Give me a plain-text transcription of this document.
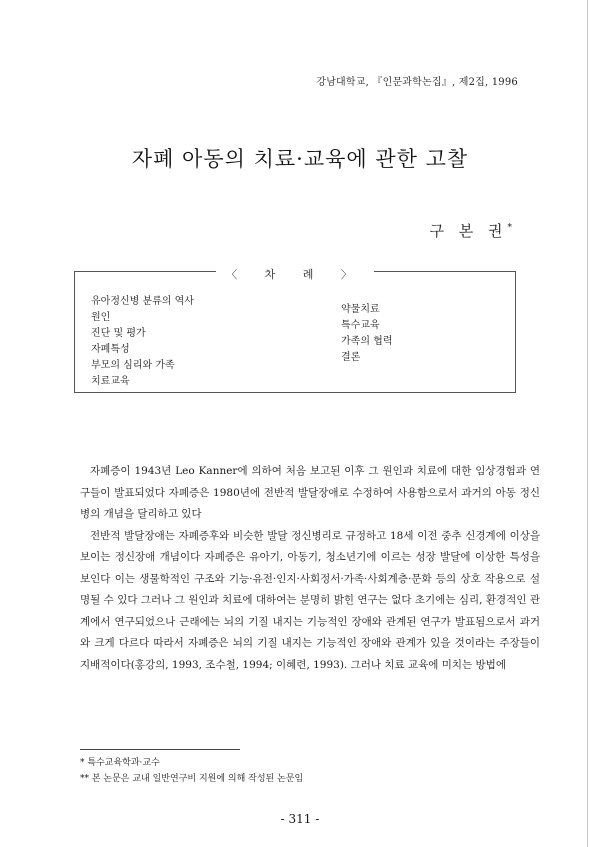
강남대학교, 『인문과학논집』, 제2집, 1996
자폐 아동의 치료·교육에 관한 고찰
구 본 권*
〈 차 례 〉
유아정신병 분류의 역사
원인
진단 및 평가
자폐특성
부모의 심리와 가족
치료교육
약물치료
특수교육
가족의 협력
결론

자폐증이 1943년 Leo Kanner에 의하여 처음 보고된 이후 그 원인과 치료에 대한 임상경험과 연구들이 발표되었다 자폐증은 1980년에 전반적 발달장애로 수정하여 사용함으로서 과거의 아동 정신병의 개념을 달리하고 있다

전반적 발달장애는 자폐증후와 비슷한 발달 정신병리로 규정하고 18세 이전 중추 신경계에 이상을 보이는 정신장애 개념이다 자폐증은 유아기, 아동기, 청소년기에 이르는 성장 발달에 이상한 특성을 보인다 이는 생물학적인 구조와 기능·유전·인지·사회정서·가족·사회계층·문화 등의 상호 작용으로 설명될 수 있다 그러나 그 원인과 치료에 대하여는 분명히 밝힌 연구는 없다 초기에는 심리, 환경적인 관계에서 연구되었으나 근래에는 뇌의 기질 내지는 기능적인 장애와 관계된 연구가 발표됨으로서 과거와 크게 다르다 따라서 자폐증은 뇌의 기질 내지는 기능적인 장애와 관계가 있을 것이라는 주장들이 지배적이다(홍강의, 1993, 조수철, 1994; 이혜련, 1993). 그러나 치료 교육에 미치는 방법에

* 특수교육학과·교수
** 본 논문은 교내 일반연구비 지원에 의해 작성된 논문임
- 311 -
